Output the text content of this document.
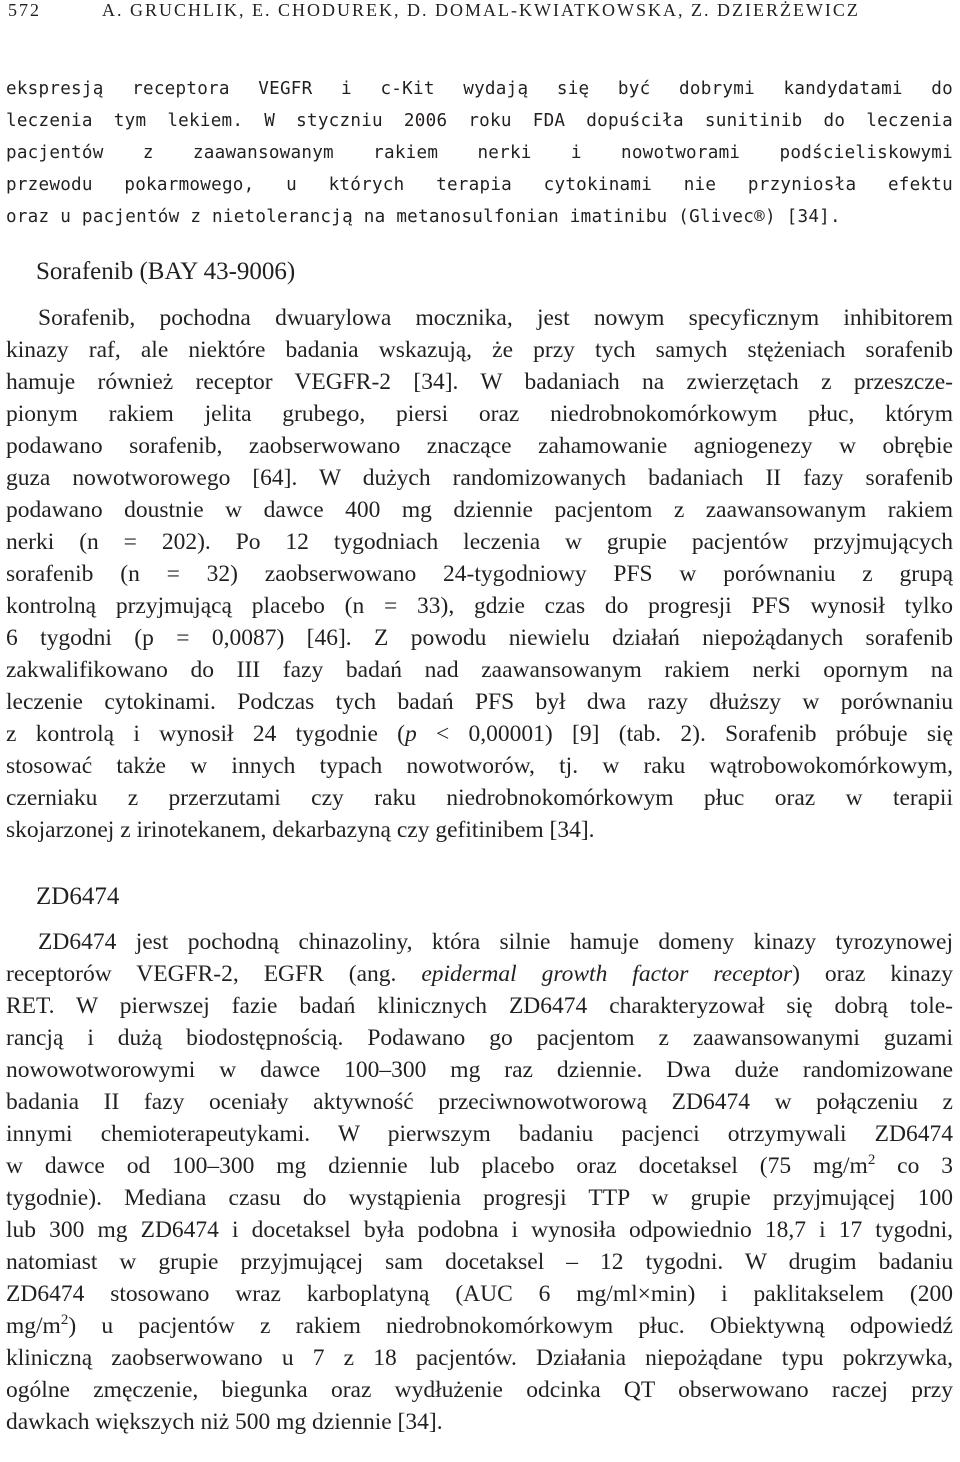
572	A. GRUCHLIK, E. CHODUREK, D. DOMAL-KWIATKOWSKA, Z. DZIERŻEWICZ
ekspresją receptora VEGFR i c-Kit wydają się być dobrymi kandydatami do
leczenia tym lekiem. W styczniu 2006 roku FDA dopuściła sunitinib do leczenia
pacjentów z zaawansowanym rakiem nerki i nowotworami podścieliskowymi
przewodu pokarmowego, u których terapia cytokinami nie przyniosła efektu
oraz u pacjentów z nietolerancją na metanosulfonian imatinibu (Glivec®) [34].
Sorafenib (BAY 43-9006)
Sorafenib, pochodna dwuarylowa mocznika, jest nowym specyficznym inhibitorem
kinazy raf, ale niektóre badania wskazują, że przy tych samych stężeniach sorafenib
hamuje również receptor VEGFR-2 [34]. W badaniach na zwierzętach z przeszcze-
pionym rakiem jelita grubego, piersi oraz niedrobnokomórkowym płuc, którym
podawano sorafenib, zaobserwowano znaczące zahamowanie agniogenezy w obrębie
guza nowotworowego [64]. W dużych randomizowanych badaniach II fazy sorafenib
podawano doustnie w dawce 400 mg dziennie pacjentom z zaawansowanym rakiem
nerki (n = 202). Po 12 tygodniach leczenia w grupie pacjentów przyjmujących
sorafenib (n = 32) zaobserwowano 24-tygodniowy PFS w porównaniu z grupą
kontrolną przyjmującą placebo (n = 33), gdzie czas do progresji PFS wynosił tylko
6 tygodni (p = 0,0087) [46]. Z powodu niewielu działań niepożądanych sorafenib
zakwalifikowano do III fazy badań nad zaawansowanym rakiem nerki opornym na
leczenie cytokinami. Podczas tych badań PFS był dwa razy dłuższy w porównaniu
z kontrolą i wynosił 24 tygodnie (p < 0,00001) [9] (tab. 2). Sorafenib próbuje się
stosować także w innych typach nowotworów, tj. w raku wątrobowokomórkowym,
czerniaku z przerzutami czy raku niedrobnokomórkowym płuc oraz w terapii
skojarzonej z irinotekanem, dekarbazyną czy gefitinibem [34].
ZD6474
ZD6474 jest pochodną chinazoliny, która silnie hamuje domeny kinazy tyrozynowej
receptorów VEGFR-2, EGFR (ang. epidermal growth factor receptor) oraz kinazy
RET. W pierwszej fazie badań klinicznych ZD6474 charakteryzował się dobrą tole-
rancją i dużą biodostępnością. Podawano go pacjentom z zaawansowanymi guzami
nowowotworowymi w dawce 100–300 mg raz dziennie. Dwa duże randomizowane
badania II fazy oceniały aktywność przeciwnowotworową ZD6474 w połączeniu z
innymi chemioterapeutykami. W pierwszym badaniu pacjenci otrzymywali ZD6474
w dawce od 100–300 mg dziennie lub placebo oraz docetaksel (75 $mg/m^2$ co 3
tygodnie). Mediana czasu do wystąpienia progresji TTP w grupie przyjmującej 100
lub 300 mg ZD6474 i docetaksel była podobna i wynosiła odpowiednio 18,7 i 17 tygodni,
natomiast w grupie przyjmującej sam docetaksel – 12 tygodni. W drugim badaniu
ZD6474 stosowano wraz karboplatyną (AUC 6 mg/ml×min) i paklitakselem (200
$mg/m^2$) u pacjentów z rakiem niedrobnokomórkowym płuc. Obiektywną odpowiedź
kliniczną zaobserwowano u 7 z 18 pacjentów. Działania niepożądane typu pokrzywka,
ogólne zmęczenie, biegunka oraz wydłużenie odcinka QT obserwowano raczej przy
dawkach większych niż 500 mg dziennie [34].
